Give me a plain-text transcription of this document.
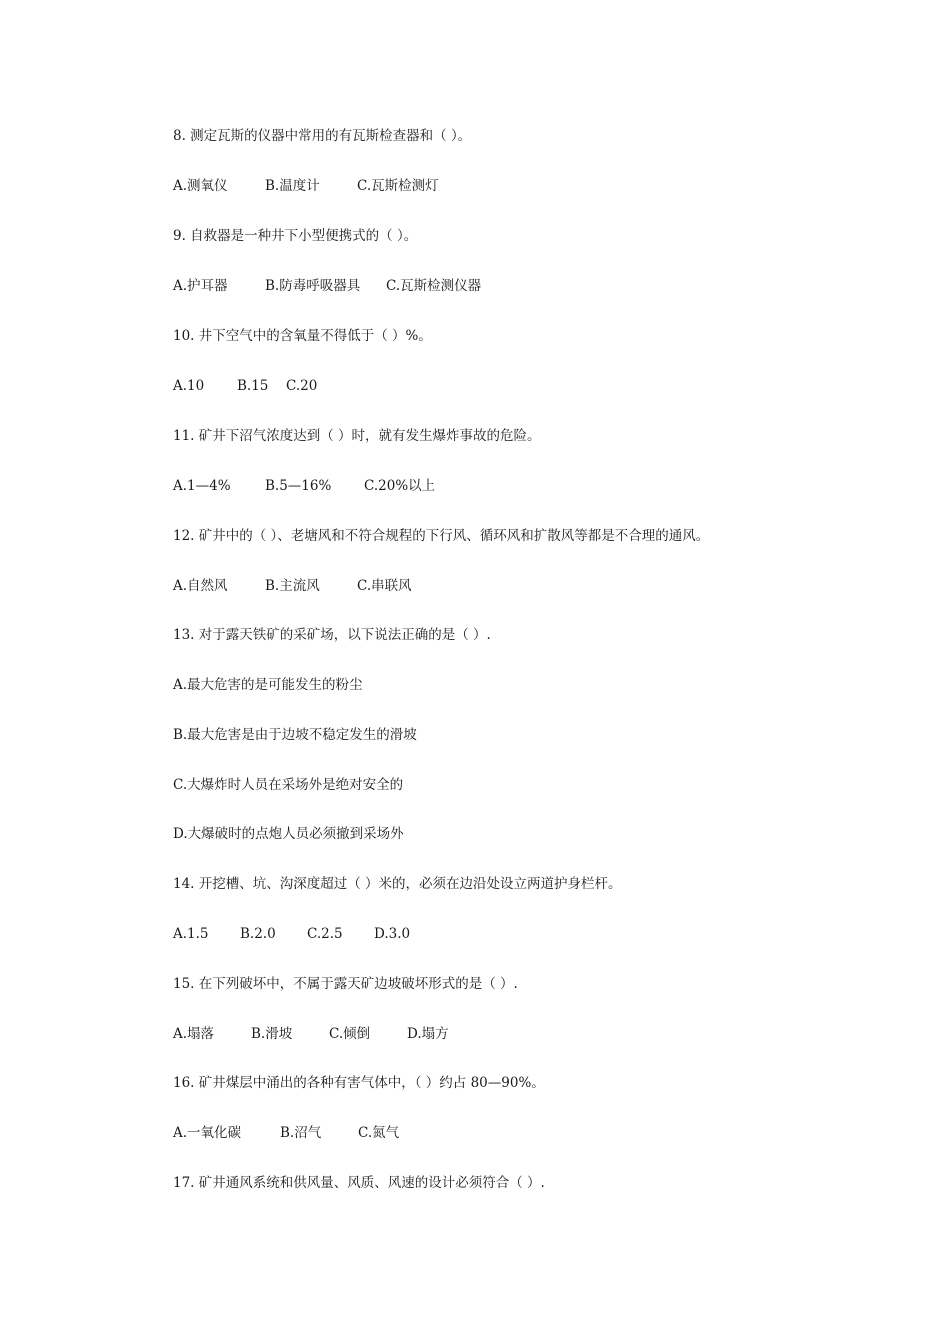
8. 测定瓦斯的仪器中常用的有瓦斯检查器和（ ）。
A.测氧仪	B.温度计	C.瓦斯检测灯
9. 自救器是一种井下小型便携式的（ ）。
A.护耳器	B.防毒呼吸器具 C.瓦斯检测仪器
10. 井下空气中的含氧量不得低于（ ）%。
A.10 B.15 C.20
11. 矿井下沼气浓度达到（ ）时，就有发生爆炸事故的危险。
A.1—4%	B.5—16% C.20%以上
12. 矿井中的（ ）、老塘风和不符合规程的下行风、循环风和扩散风等都是不合理的通风。
A.自然风	B.主流风	C.串联风
13. 对于露天铁矿的采矿场，以下说法正确的是（ ）.
A.最大危害的是可能发生的粉尘
B.最大危害是由于边坡不稳定发生的滑坡
C.大爆炸时人员在采场外是绝对安全的
D.大爆破时的点炮人员必须撤到采场外
14. 开挖槽、坑、沟深度超过（ ）米的，必须在边沿处设立两道护身栏杆。
A.1.5 B.2.0 C.2.5 D.3.0
15. 在下列破坏中，不属于露天矿边坡破坏形式的是（ ）.
A.塌落	B.滑坡	C.倾倒	D.塌方
16. 矿井煤层中涌出的各种有害气体中，（ ）约占 80—90%。
A.一氧化碳	B.沼气	C.氮气
17. 矿井通风系统和供风量、风质、风速的设计必须符合（ ）.
